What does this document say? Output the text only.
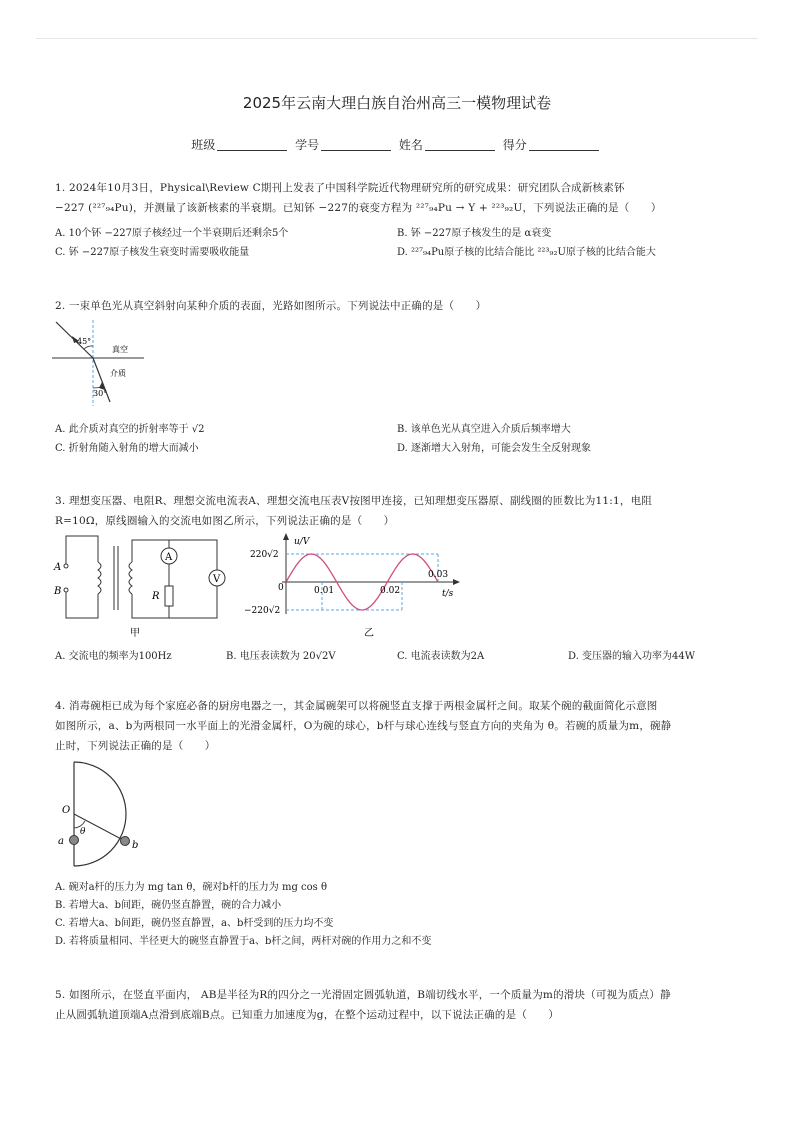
2025年云南大理白族自治州高三一模物理试卷
班级	学号	姓名	得分
1. 2024年10月3日，Physical\Review C期刊上发表了中国科学院近代物理研究所的研究成果：研究团队合成新核素钚
−227 (²²⁷₉₄Pu)，并测量了该新核素的半衰期。已知钚 −227的衰变方程为 ²²⁷₉₄Pu → Y + ²²³₉₂U，下列说法正确的是（　　）
A. 10个钚 −227原子核经过一个半衰期后还剩余5个	B. 钚 −227原子核发生的是 α衰变
C. 钚 −227原子核发生衰变时需要吸收能量	D. ²²⁷₉₄Pu原子核的比结合能比 ²²³₉₂U原子核的比结合能大
2. 一束单色光从真空斜射向某种介质的表面，光路如图所示。下列说法中正确的是（　　）
45°
真空
介质
30°
A. 此介质对真空的折射率等于 √2	B. 该单色光从真空进入介质后频率增大
C. 折射角随入射角的增大而减小	D. 逐渐增大入射角，可能会发生全反射现象
3. 理想变压器、电阻R、理想交流电流表A、理想交流电压表V按图甲连接，已知理想变压器原、副线圈的匝数比为11:1，电阻
R=10Ω，原线圈输入的交流电如图乙所示，下列说法正确的是（　　）
A
R
V
A
B
甲
u/V
220√2
−220√2
0	0.01	0.02
0.03
t/s
乙
A. 交流电的频率为100Hz	B. 电压表读数为 20√2V	C. 电流表读数为2A	D. 变压器的输入功率为44W
4. 消毒碗柜已成为每个家庭必备的厨房电器之一，其金属碗架可以将碗竖直支撑于两根金属杆之间。取某个碗的截面简化示意图
如图所示，a、b为两根同一水平面上的光滑金属杆，O为碗的球心，b杆与球心连线与竖直方向的夹角为 θ。若碗的质量为m，碗静
止时，下列说法正确的是（　　）
O
θ
a	b
A. 碗对a杆的压力为 mg tan θ，碗对b杆的压力为 mg cos θ
B. 若增大a、b间距，碗仍竖直静置，碗的合力减小
C. 若增大a、b间距，碗仍竖直静置，a、b杆受到的压力均不变
D. 若将质量相同、半径更大的碗竖直静置于a、b杆之间，两杆对碗的作用力之和不变
5. 如图所示，在竖直平面内， AB是半径为R的四分之一光滑固定圆弧轨道，B端切线水平，一个质量为m的滑块（可视为质点）静
止从圆弧轨道顶端A点滑到底端B点。已知重力加速度为g，在整个运动过程中，以下说法正确的是（　　）
